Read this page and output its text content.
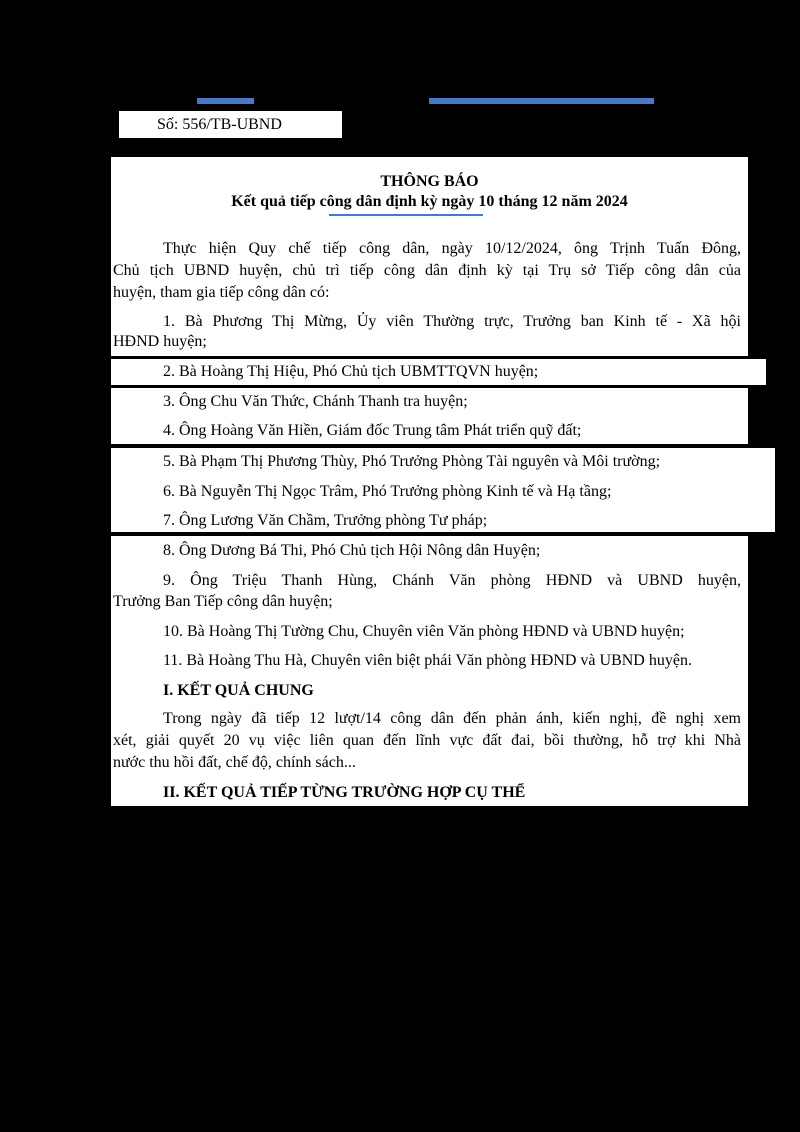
Số: 556/TB-UBND
THÔNG BÁO
Kết quả tiếp công dân định kỳ ngày 10 tháng 12 năm 2024
Thực hiện Quy chế tiếp công dân, ngày 10/12/2024, ông Trịnh Tuấn Đông,
Chủ tịch UBND huyện, chủ trì tiếp công dân định kỳ tại Trụ sở Tiếp công dân của
huyện, tham gia tiếp công dân có:
1. Bà Phương Thị Mừng, Ủy viên Thường trực, Trưởng ban Kinh tế - Xã hội
HĐND huyện;
2. Bà Hoàng Thị Hiệu, Phó Chủ tịch UBMTTQVN huyện;
3. Ông Chu Văn Thức, Chánh Thanh tra huyện;
4. Ông Hoàng Văn Hiền, Giám đốc Trung tâm Phát triển quỹ đất;
5. Bà Phạm Thị Phương Thùy, Phó Trưởng Phòng Tài nguyên và Môi trường;
6. Bà Nguyễn Thị Ngọc Trâm, Phó Trưởng phòng Kinh tế và Hạ tầng;
7. Ông Lương Văn Chầm, Trưởng phòng Tư pháp;
8. Ông Dương Bá Thi, Phó Chủ tịch Hội Nông dân Huyện;
9. Ông Triệu Thanh Hùng, Chánh Văn phòng HĐND và UBND huyện,
Trưởng Ban Tiếp công dân huyện;
10. Bà Hoàng Thị Tường Chu, Chuyên viên Văn phòng HĐND và UBND huyện;
11. Bà Hoàng Thu Hà, Chuyên viên biệt phái Văn phòng HĐND và UBND huyện.
I. KẾT QUẢ CHUNG
Trong ngày đã tiếp 12 lượt/14 công dân đến phản ánh, kiến nghị, đề nghị xem
xét, giải quyết 20 vụ việc liên quan đến lĩnh vực đất đai, bồi thường, hỗ trợ khi Nhà
nước thu hồi đất, chế độ, chính sách...
II. KẾT QUẢ TIẾP TỪNG TRƯỜNG HỢP CỤ THỂ
